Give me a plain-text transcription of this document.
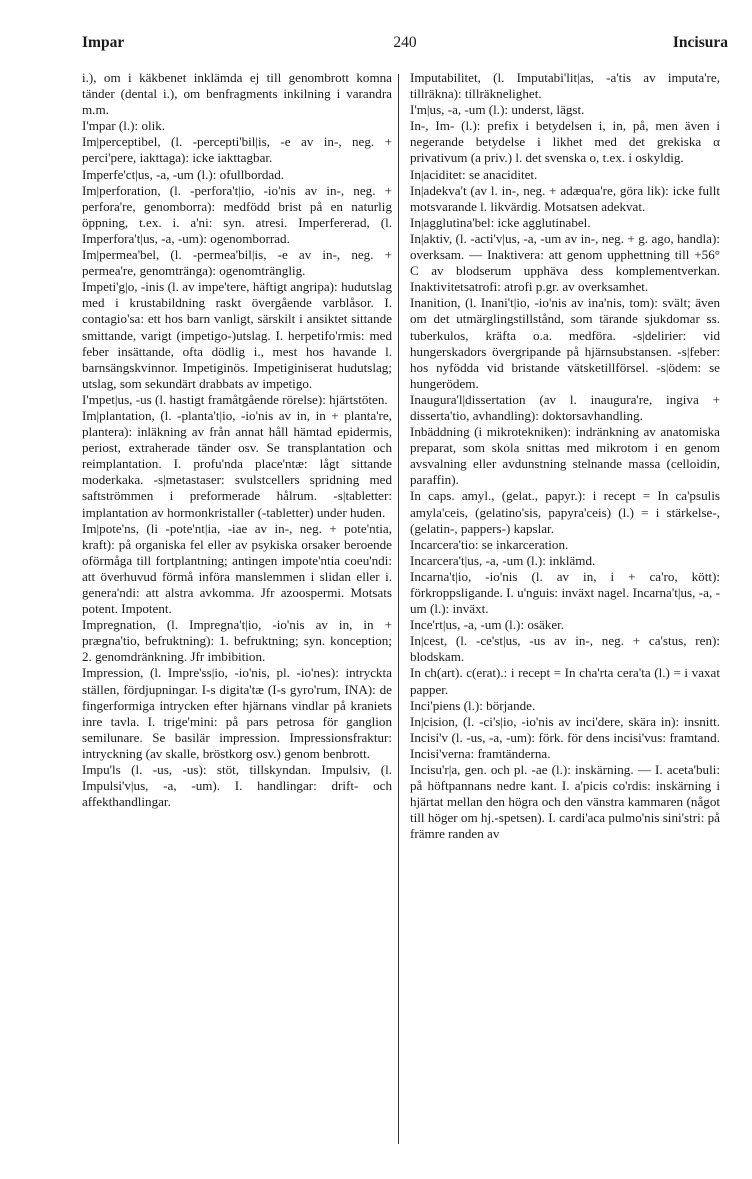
Impar	240	Incisura

i.), om i käkbenet inklämda ej till genombrott komna tänder (dental i.), om benfragments inkilning i varandra m.m.

I'mpar (l.): olik.

Im|perceptibel, (l. -percepti'bil|is, -e av in-, neg. + perci'pere, iakttaga): icke iakttagbar.

Imperfe'ct|us, -a, -um (l.): ofullbordad.

Im|perforation, (l. -perfora't|io, -io'nis av in-, neg. + perfora're, genomborra): medfödd brist på en naturlig öppning, t.ex. i. a'ni: syn. atresi. Imperfererad, (l. Imperfora't|us, -a, -um): ogenomborrad.

Im|permea'bel, (l. -permea'bil|is, -e av in-, neg. + permea're, genomtränga): ogenomtränglig.

Impeti'g|o, -inis (l. av impe'tere, häftigt angripa): hudutslag med i krustabildning raskt övergående varblåsor. I. contagio'sa: ett hos barn vanligt, särskilt i ansiktet sittande smittande, varigt (impetigo-)utslag. I. herpetifo'rmis: med feber insättande, ofta dödlig i., mest hos havande l. barnsängskvinnor. Impetiginös. Impetiginiserat hudutslag; utslag, som sekundärt drabbats av impetigo.

I'mpet|us, -us (l. hastigt framåtgående rörelse): hjärtstöten.

Im|plantation, (l. -planta't|io, -io'nis av in, in + planta're, plantera): inläkning av från annat håll hämtad epidermis, periost, extraherade tänder osv. Se transplantation och reimplantation. I. profu'nda place'ntæ: lågt sittande moderkaka. -s|metastaser: svulstcellers spridning med saftströmmen i preformerade hålrum. -s|tabletter: implantation av hormonkristaller (-tabletter) under huden.

Im|pote'ns, (li -pote'nt|ia, -iae av in-, neg. + pote'ntia, kraft): på organiska fel eller av psykiska orsaker beroende oförmåga till fortplantning; antingen impote'ntia coeu'ndi: att överhuvud förmå införa manslemmen i slidan eller i. genera'ndi: att alstra avkomma. Jfr azoospermi. Motsats potent. Impotent.

Impregnation, (l. Impregna't|io, -io'nis av in, in + prægna'tio, befruktning): 1. befruktning; syn. konception; 2. genomdränkning. Jfr imbibition.

Impression, (l. Impre'ss|io, -io'nis, pl. -io'nes): intryckta ställen, fördjupningar. I-s digita'tæ (I-s gyro'rum, INA): de fingerformiga intrycken efter hjärnans vindlar på kraniets inre tavla. I. trige'mini: på pars petrosa för ganglion semilunare. Se basilär impression. Impressionsfraktur: intryckning (av skalle, bröstkorg osv.) genom benbrott.

Impu'ls (l. -us, -us): stöt, tillskyndan. Impulsiv, (l. Impulsi'v|us, -a, -um). I. handlingar: drift- och affekthandlingar.

Imputabilitet, (l. Imputabi'lit|as, -a'tis av imputa're, tillräkna): tillräknelighet.

I'm|us, -a, -um (l.): underst, lägst.

In-, Im- (l.): prefix i betydelsen i, in, på, men även i negerande betydelse i likhet med det grekiska α privativum (a priv.) l. det svenska o, t.ex. i oskyldig.

In|aciditet: se anaciditet.

In|adekva't (av l. in-, neg. + adæqua're, göra lik): icke fullt motsvarande l. likvärdig. Motsatsen adekvat.

In|agglutina'bel: icke agglutinabel.

In|aktiv, (l. -acti'v|us, -a, -um av in-, neg. + g. ago, handla): overksam. — Inaktivera: att genom upphettning till +56° C av blodserum upphäva dess komplementverkan. Inaktivitetsatrofi: atrofi p.gr. av overksamhet.

Inanition, (l. Inani't|io, -io'nis av ina'nis, tom): svält; även om det utmärglingstillstånd, som tärande sjukdomar ss. tuberkulos, kräfta o.a. medföra. -s|delirier: vid hungerskadors övergripande på hjärnsubstansen. -s|feber: hos nyfödda vid bristande vätsketillförsel. -s|ödem: se hungerödem.

Inaugura'l|dissertation (av l. inaugura're, ingiva + disserta'tio, avhandling): doktorsavhandling.

Inbäddning (i mikrotekniken): indränkning av anatomiska preparat, som skola snittas med mikrotom i en genom avsvalning eller avdunstning stelnande massa (celloidin, paraffin).

In caps. amyl., (gelat., papyr.): i recept = In ca'psulis amyla'ceis, (gelatino'sis, papyra'ceis) (l.) = i stärkelse-, (gelatin-, pappers-) kapslar.

Incarcera'tio: se inkarceration.

Incarcera't|us, -a, -um (l.): inklämd.

Incarna't|io, -io'nis (l. av in, i + ca'ro, kött): förkroppsligande. I. u'nguis: inväxt nagel. Incarna't|us, -a, -um (l.): inväxt.

Ince'rt|us, -a, -um (l.): osäker.

In|cest, (l. -ce'st|us, -us av in-, neg. + ca'stus, ren): blodskam.

In ch(art). c(erat).: i recept = In cha'rta cera'ta (l.) = i vaxat papper.

Inci'piens (l.): börjande.

In|cision, (l. -ci's|io, -io'nis av inci'dere, skära in): insnitt. Incisi'v (l. -us, -a, -um): förk. för dens incisi'vus: framtand. Incisi'verna: framtänderna.

Incisu'r|a, gen. och pl. -ae (l.): inskärning. — I. aceta'buli: på höftpannans nedre kant. I. a'picis co'rdis: inskärning i hjärtat mellan den högra och den vänstra kammaren (något till höger om hj.-spetsen). I. cardi'aca pulmo'nis sini'stri: på främre randen av
